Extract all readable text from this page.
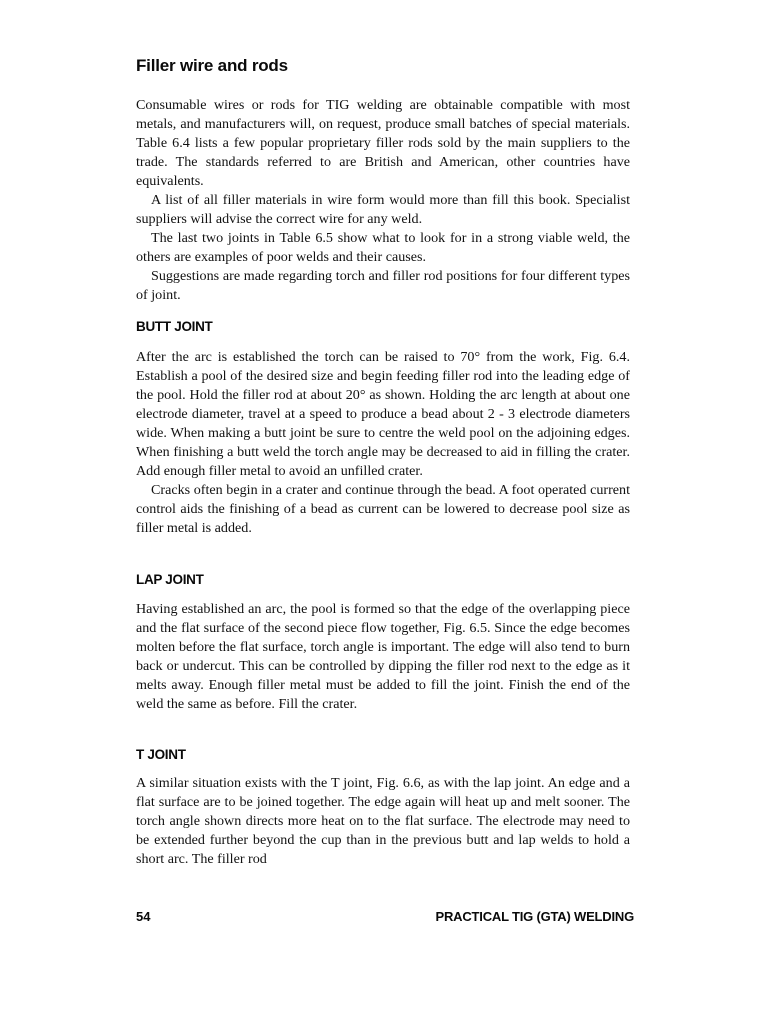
Filler wire and rods

Consumable wires or rods for TIG welding are obtainable compatible with most metals, and manufacturers will, on request, produce small batches of special materials. Table 6.4 lists a few popular proprietary filler rods sold by the main suppliers to the trade. The standards referred to are British and American, other countries have equivalents.

A list of all filler materials in wire form would more than fill this book. Specialist suppliers will advise the correct wire for any weld.

The last two joints in Table 6.5 show what to look for in a strong viable weld, the others are examples of poor welds and their causes.

Suggestions are made regarding torch and filler rod positions for four different types of joint.

BUTT JOINT

After the arc is established the torch can be raised to 70° from the work, Fig. 6.4. Establish a pool of the desired size and begin feeding filler rod into the leading edge of the pool. Hold the filler rod at about 20° as shown. Holding the arc length at about one electrode diameter, travel at a speed to produce a bead about 2 - 3 electrode diameters wide. When making a butt joint be sure to centre the weld pool on the adjoining edges. When finishing a butt weld the torch angle may be decreased to aid in filling the crater. Add enough filler metal to avoid an unfilled crater.

Cracks often begin in a crater and continue through the bead. A foot operated current control aids the finishing of a bead as current can be lowered to decrease pool size as filler metal is added.

LAP JOINT

Having established an arc, the pool is formed so that the edge of the overlapping piece and the flat surface of the second piece flow together, Fig. 6.5. Since the edge becomes molten before the flat surface, torch angle is important. The edge will also tend to burn back or undercut. This can be controlled by dipping the filler rod next to the edge as it melts away. Enough filler metal must be added to fill the joint. Finish the end of the weld the same as before. Fill the crater.

T JOINT

A similar situation exists with the T joint, Fig. 6.6, as with the lap joint. An edge and a flat surface are to be joined together. The edge again will heat up and melt sooner. The torch angle shown directs more heat on to the flat surface. The electrode may need to be extended further beyond the cup than in the previous butt and lap welds to hold a short arc. The filler rod

54	PRACTICAL TIG (GTA) WELDING
